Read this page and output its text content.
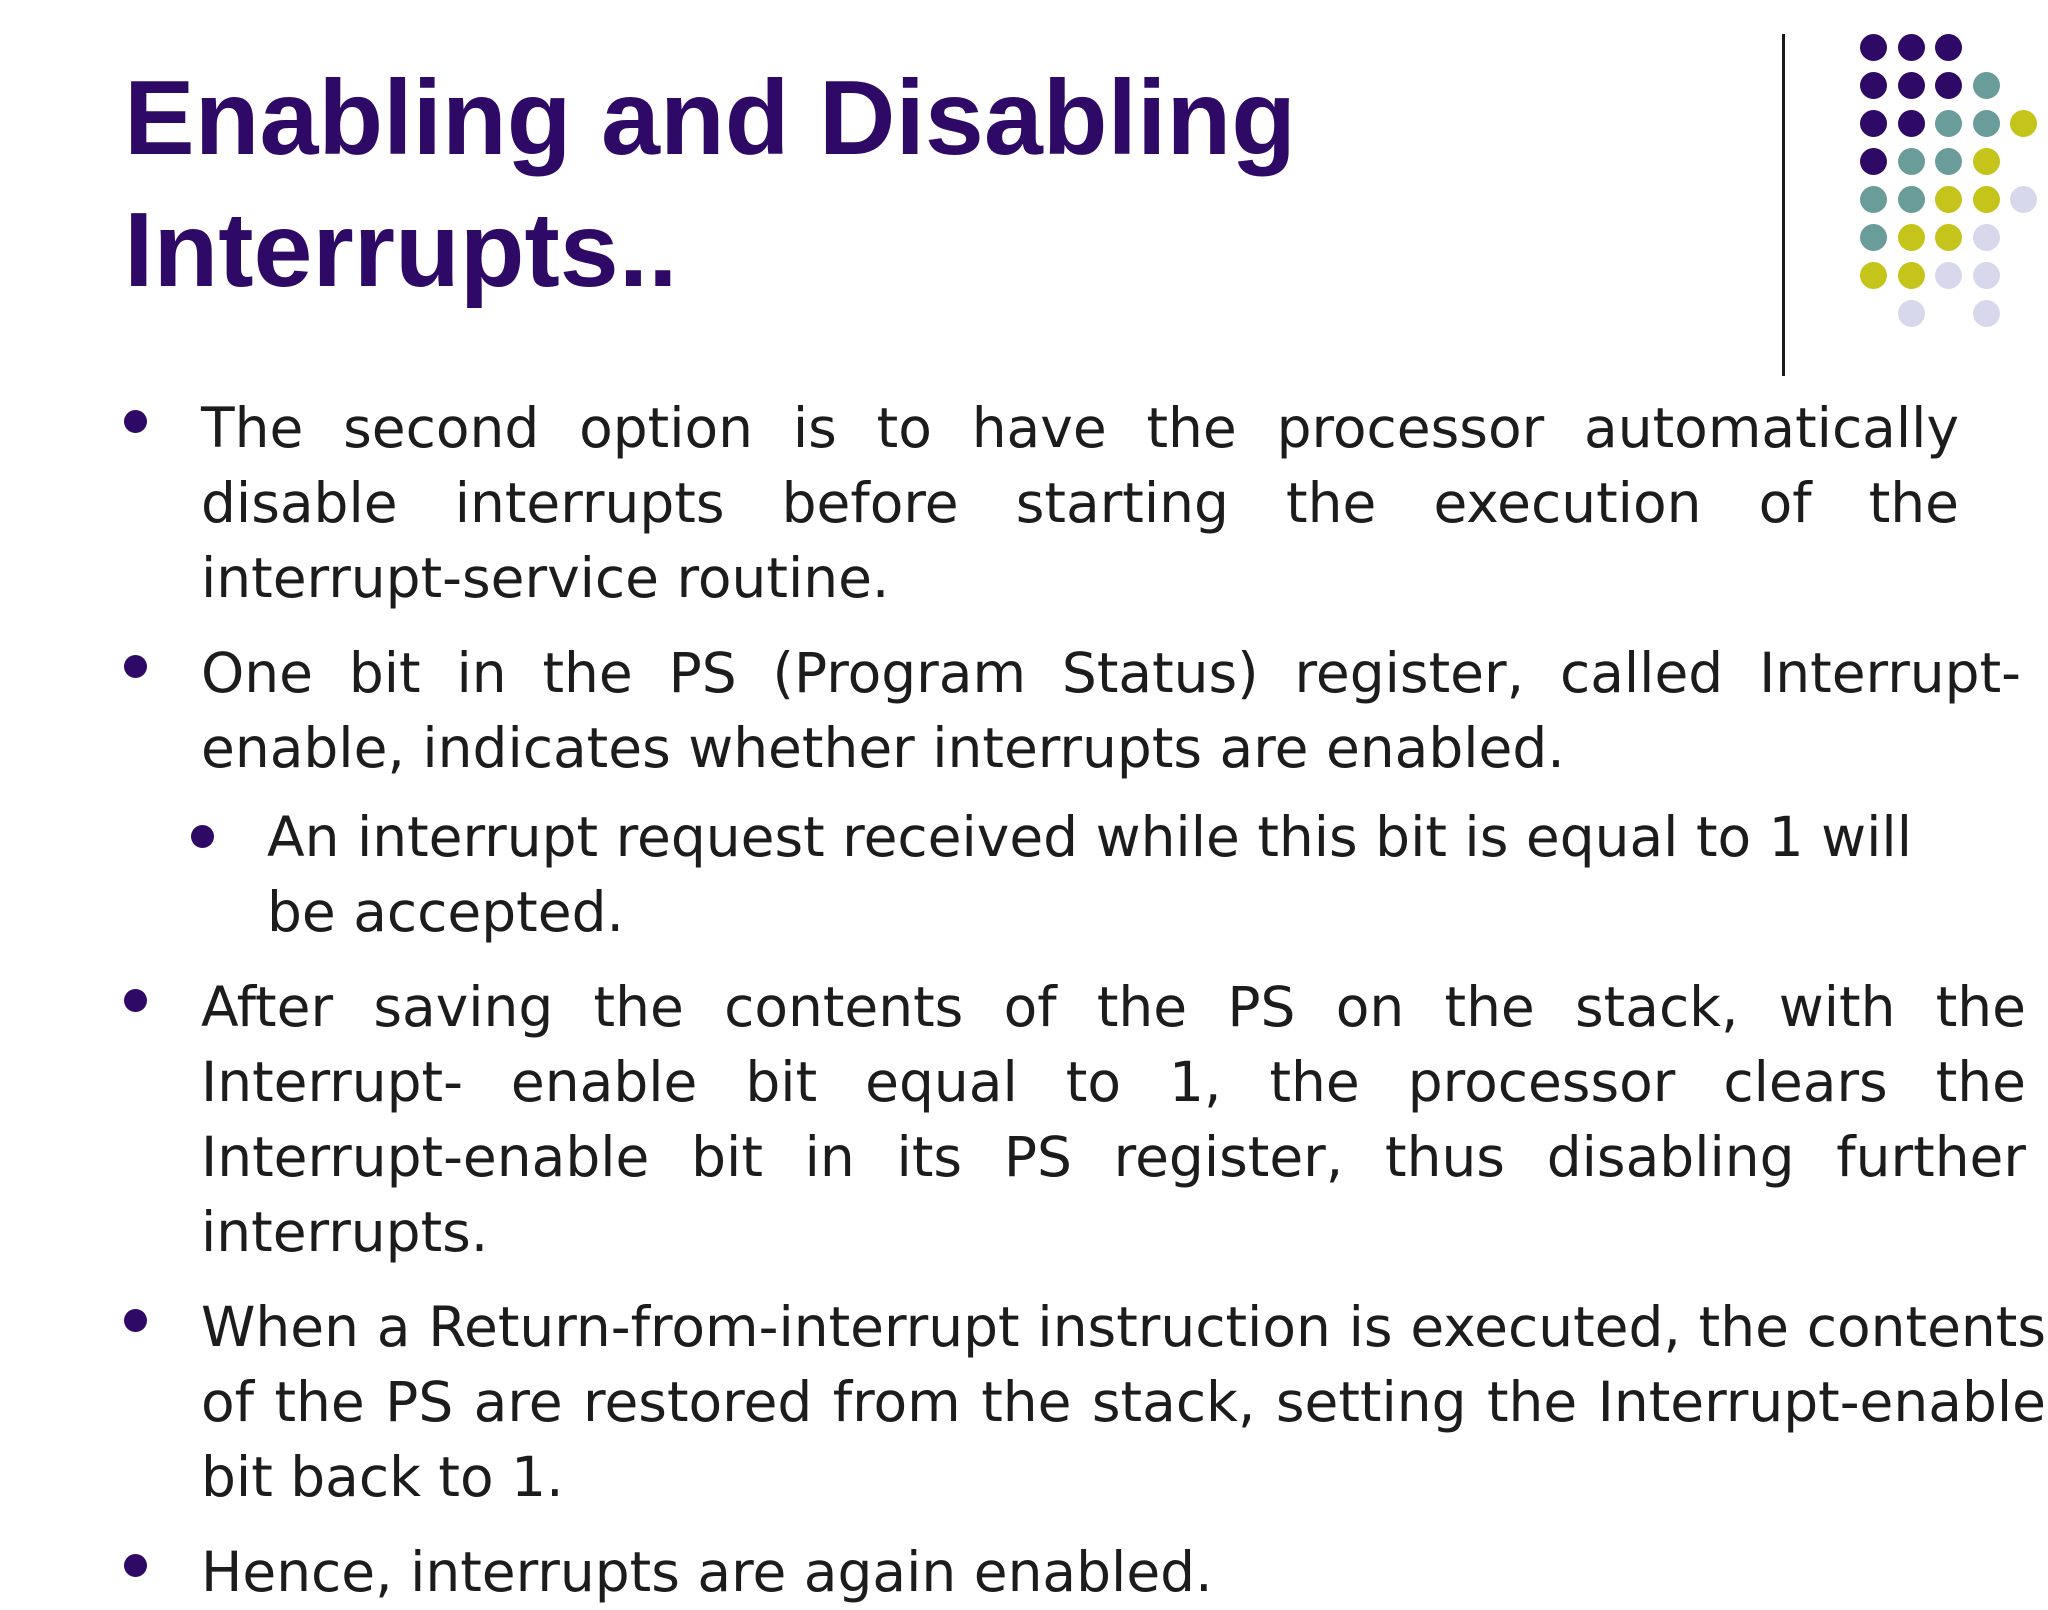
Enabling and Disabling
Interrupts..
The second option is to have the processor automatically disable interrupts before starting the execution of the interrupt-service routine.
One bit in the PS (Program Status) register, called Interrupt-enable, indicates whether interrupts are enabled.
An interrupt request received while this bit is equal to 1 will be accepted.
After saving the contents of the PS on the stack, with the Interrupt- enable bit equal to 1, the processor clears the Interrupt-enable bit in its PS register, thus disabling further interrupts.
When a Return-from-interrupt instruction is executed, the contents of the PS are restored from the stack, setting the Interrupt-enable bit back to 1.
Hence, interrupts are again enabled.
